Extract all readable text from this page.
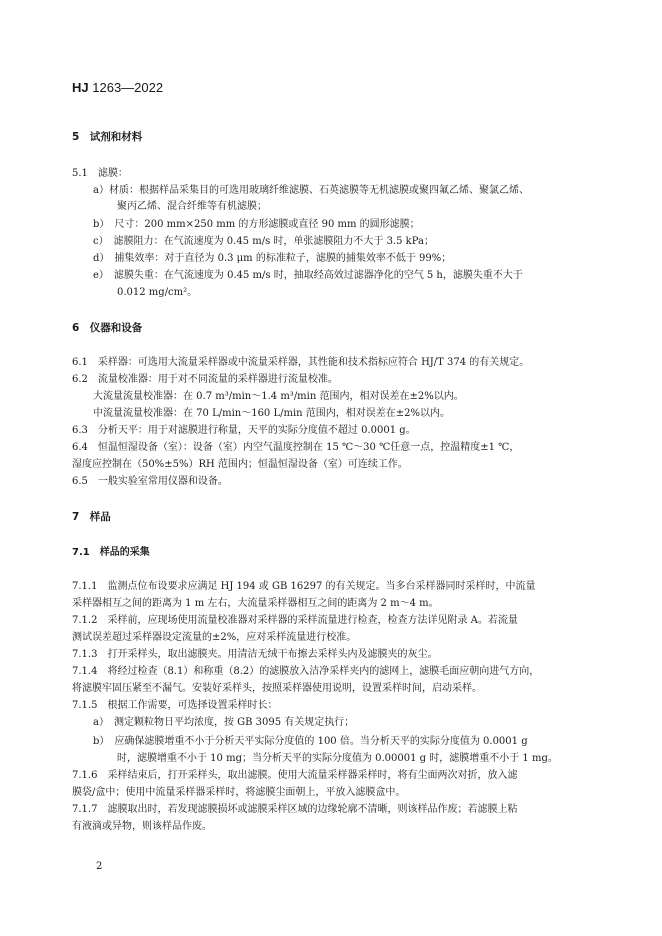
HJ 1263—2022
5　试剂和材料
5.1　滤膜：
a）材质：根据样品采集目的可选用玻璃纤维滤膜、石英滤膜等无机滤膜或聚四氟乙烯、聚氯乙烯、
聚丙乙烯、混合纤维等有机滤膜；
b）　尺寸：200 mm×250 mm 的方形滤膜或直径 90 mm 的圆形滤膜；
c）　滤膜阻力：在气流速度为 0.45 m/s 时，单张滤膜阻力不大于 3.5 kPa；
d）　捕集效率：对于直径为 0.3 μm 的标准粒子，滤膜的捕集效率不低于 99%；
e）　滤膜失重：在气流速度为 0.45 m/s 时，抽取经高效过滤器净化的空气 5 h，滤膜失重不大于
0.012 mg/cm²。
6　仪器和设备
6.1　采样器：可选用大流量采样器或中流量采样器，其性能和技术指标应符合 HJ/T 374 的有关规定。
6.2　流量校准器：用于对不同流量的采样器进行流量校准。
大流量流量校准器：在 0.7 m³/min～1.4 m³/min 范围内，相对误差在±2%以内。
中流量流量校准器：在 70 L/min～160 L/min 范围内，相对误差在±2%以内。
6.3　分析天平：用于对滤膜进行称量，天平的实际分度值不超过 0.0001 g。
6.4　恒温恒湿设备（室）：设备（室）内空气温度控制在 15 ℃～30 ℃任意一点，控温精度±1 ℃，
湿度应控制在（50%±5%）RH 范围内；恒温恒湿设备（室）可连续工作。
6.5　一般实验室常用仪器和设备。
7　样品
7.1　样品的采集
7.1.1　监测点位布设要求应满足 HJ 194 或 GB 16297 的有关规定。当多台采样器同时采样时，中流量
采样器相互之间的距离为 1 m 左右，大流量采样器相互之间的距离为 2 m～4 m。
7.1.2　采样前，应现场使用流量校准器对采样器的采样流量进行检查，检查方法详见附录 A。若流量
测试误差超过采样器设定流量的±2%，应对采样流量进行校准。
7.1.3　打开采样头，取出滤膜夹。用清洁无绒干布擦去采样头内及滤膜夹的灰尘。
7.1.4　将经过检查（8.1）和称重（8.2）的滤膜放入洁净采样夹内的滤网上，滤膜毛面应朝向进气方向，
将滤膜牢固压紧至不漏气。安装好采样头，按照采样器使用说明，设置采样时间，启动采样。
7.1.5　根据工作需要，可选择设置采样时长：
a）　测定颗粒物日平均浓度，按 GB 3095 有关规定执行；
b）　应确保滤膜增重不小于分析天平实际分度值的 100 倍。当分析天平的实际分度值为 0.0001 g
时，滤膜增重不小于 10 mg；当分析天平的实际分度值为 0.00001 g 时，滤膜增重不小于 1 mg。
7.1.6　采样结束后，打开采样头，取出滤膜。使用大流量采样器采样时，将有尘面两次对折，放入滤
膜袋/盒中；使用中流量采样器采样时，将滤膜尘面朝上，平放入滤膜盒中。
7.1.7　滤膜取出时，若发现滤膜损坏或滤膜采样区域的边缘轮廓不清晰，则该样品作废；若滤膜上粘
有液滴或异物，则该样品作废。
2
